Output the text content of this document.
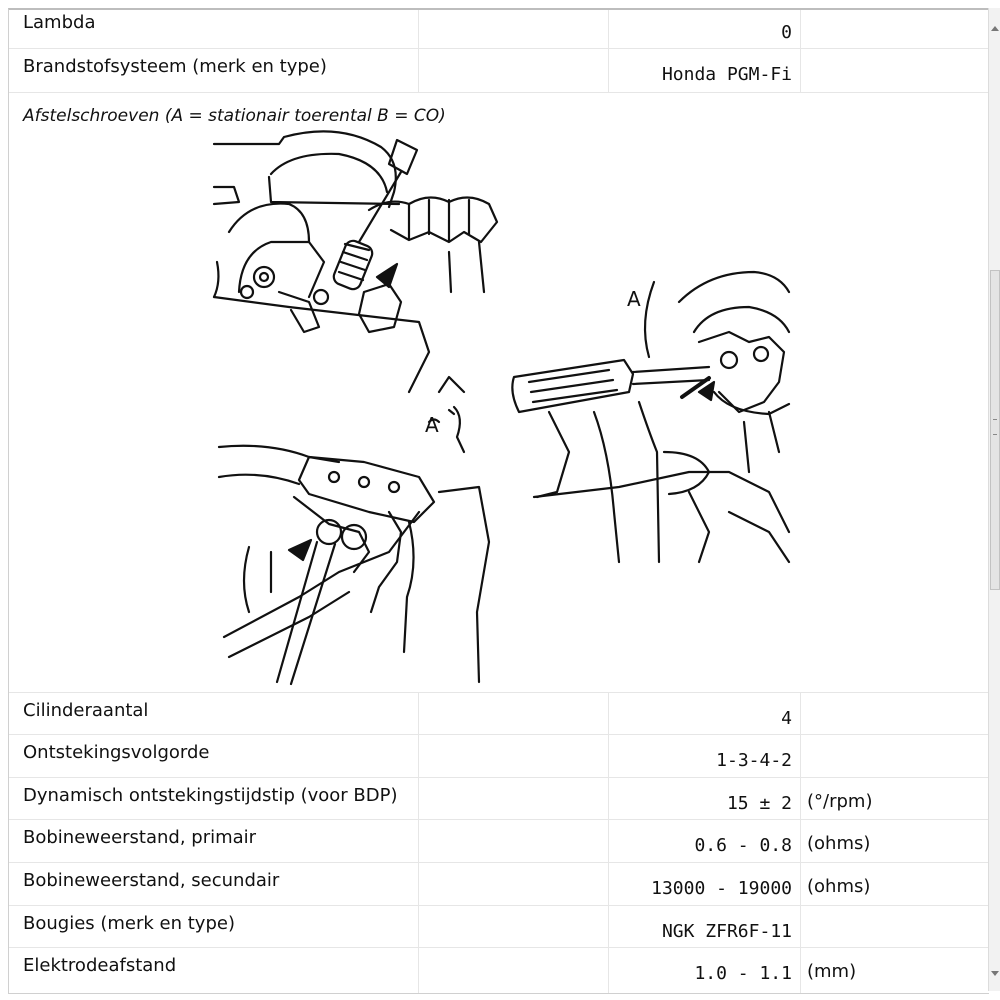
Lambda	0
Brandstofsysteem (merk en type)	Honda PGM-Fi
Afstelschroeven (A = stationair toerental B = CO)
A
A
Cilinderaantal	4
Ontstekingsvolgorde	1-3-4-2
Dynamisch ontstekingstijdstip (voor BDP)	15 ± 2 (°/rpm)
Bobineweerstand, primair	0.6 - 0.8 (ohms)
Bobineweerstand, secundair	13000 - 19000 (ohms)
Bougies (merk en type)	NGK ZFR6F-11
Elektrodeafstand	1.0 - 1.1 (mm)
